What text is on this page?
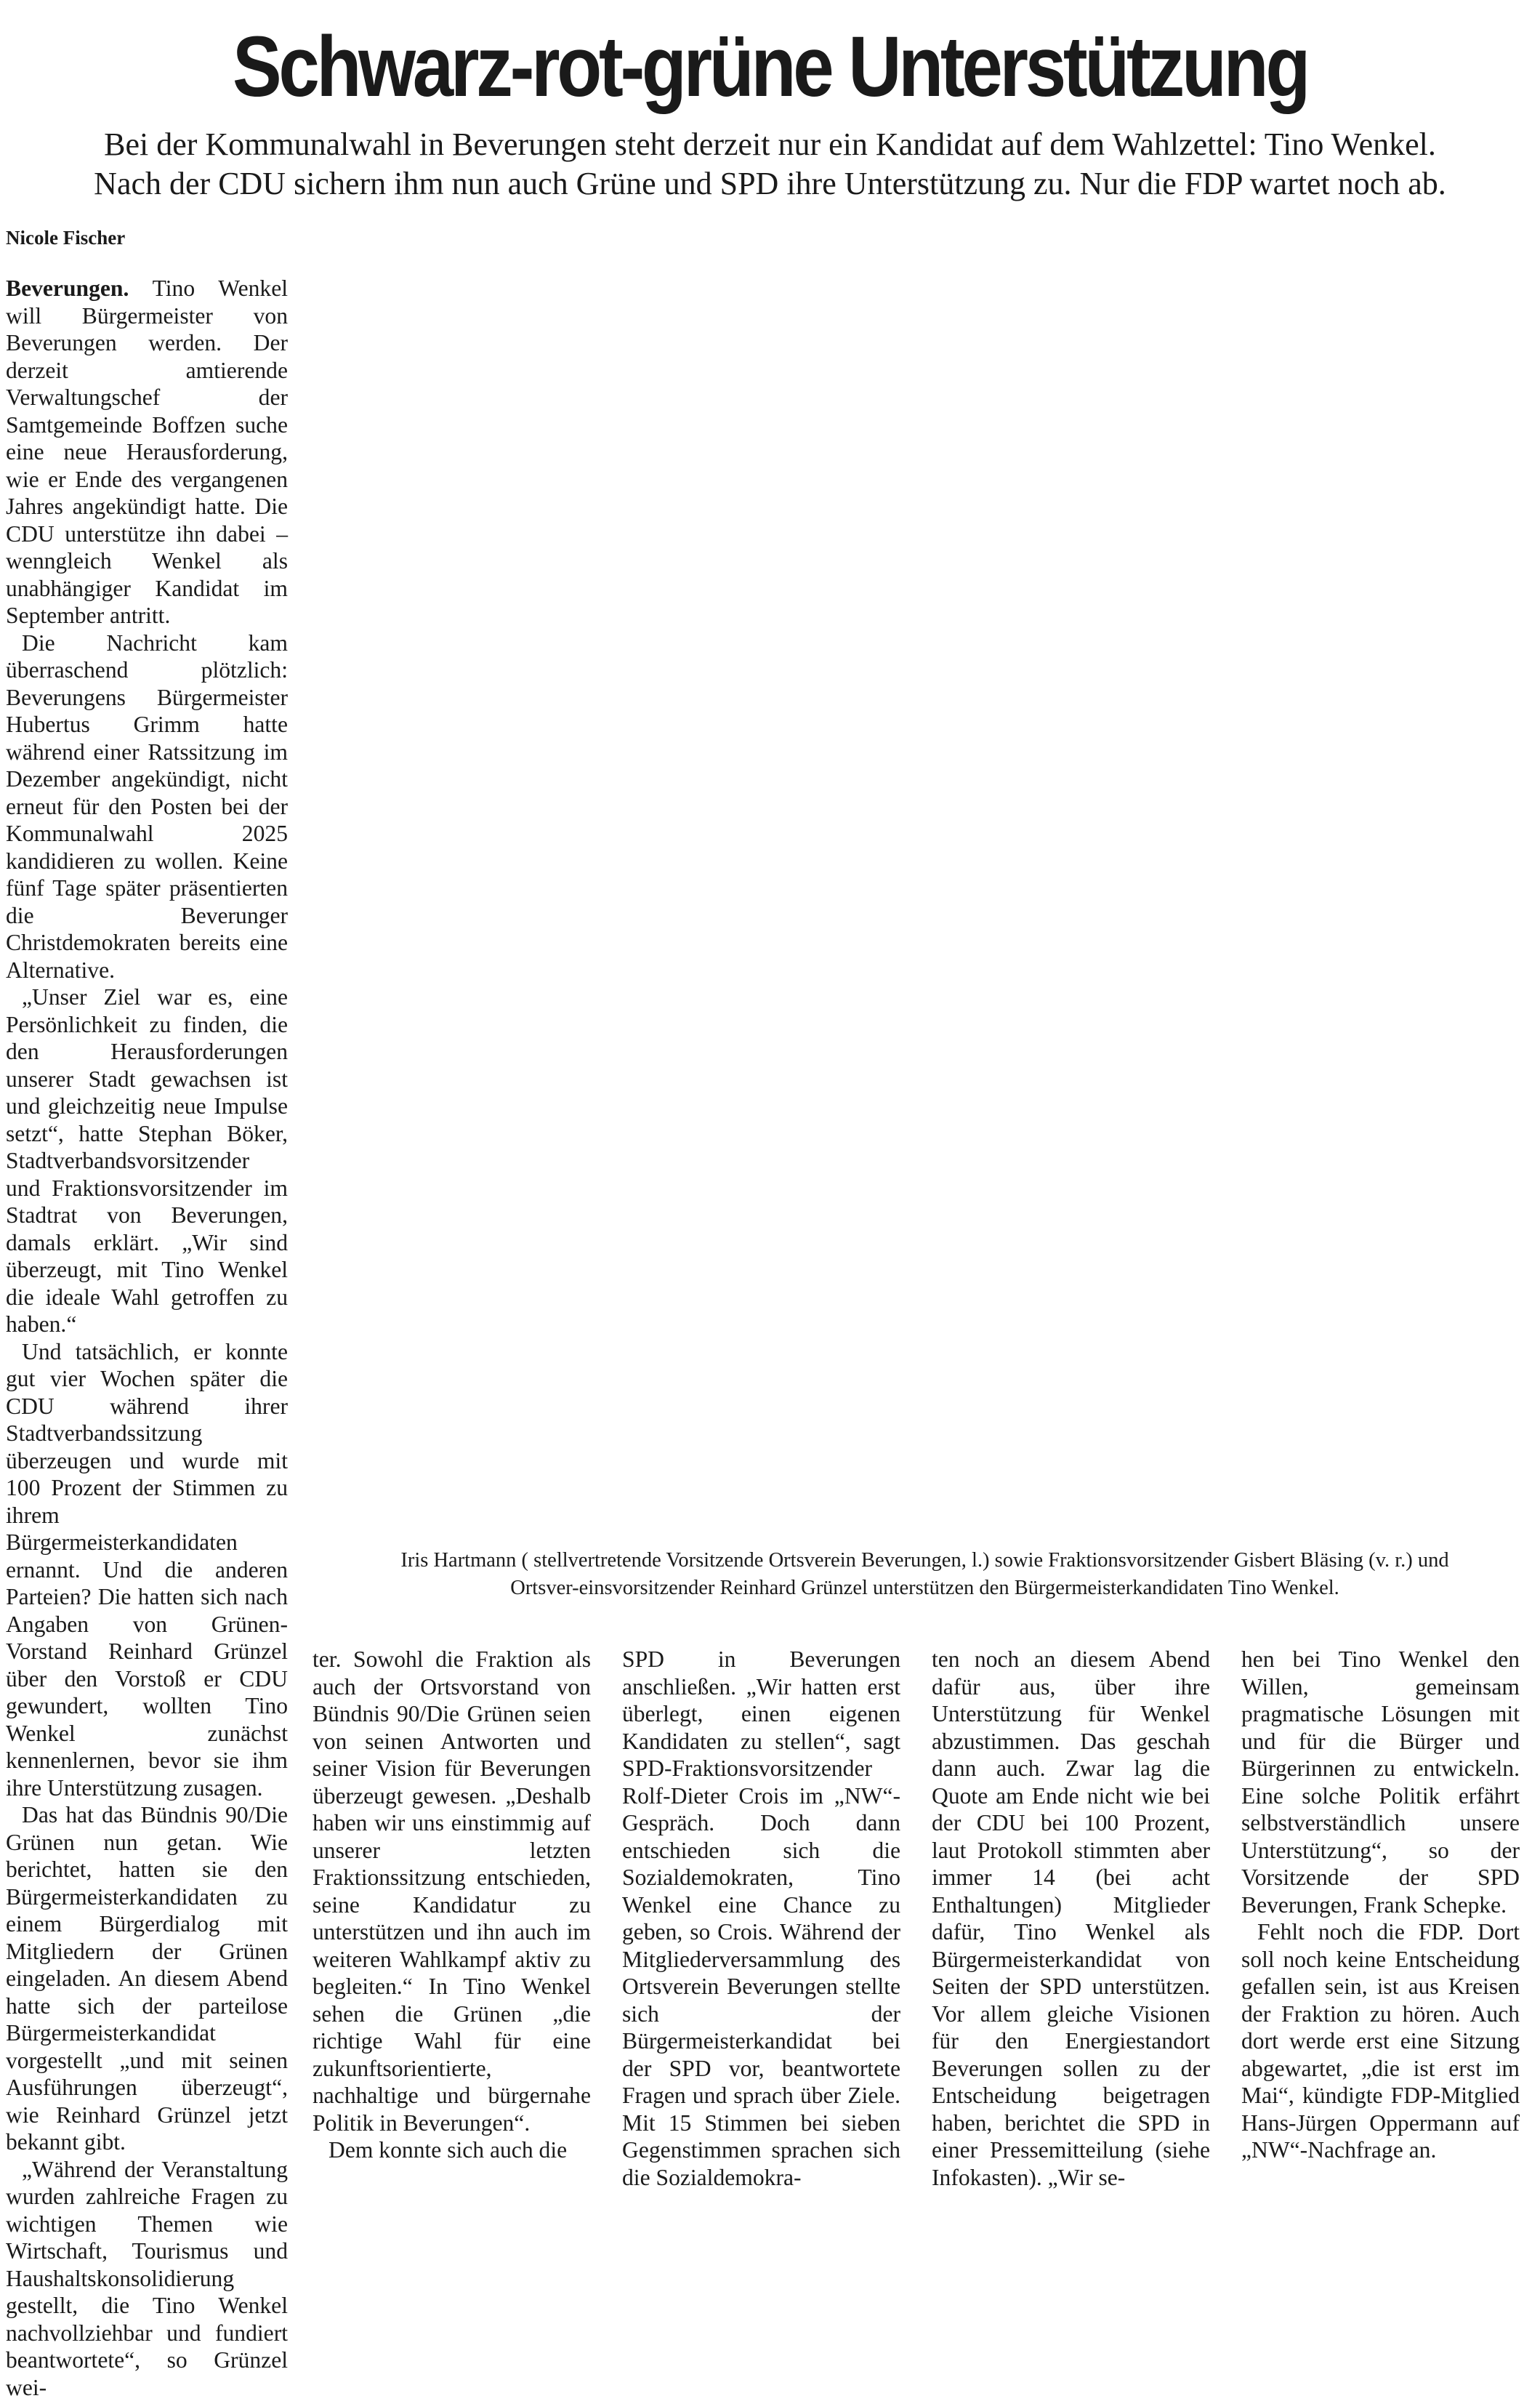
Schwarz-rot-grüne Unterstützung
Bei der Kommunalwahl in Beverungen steht derzeit nur ein Kandidat auf dem Wahlzettel: Tino Wenkel.
Nach der CDU sichern ihm nun auch Grüne und SPD ihre Unterstützung zu. Nur die FDP wartet noch ab.
Nicole Fischer

Beverungen. Tino Wenkel will Bürgermeister von Beverungen werden. Der derzeit amtierende Verwaltungschef der Samtgemeinde Boffzen suche eine neue Herausforderung, wie er Ende des vergangenen Jahres angekündigt hatte. Die CDU unterstütze ihn dabei – wenngleich Wenkel als unabhängiger Kandidat im September antritt.

Die Nachricht kam überraschend plötzlich: Beverungens Bürgermeister Hubertus Grimm hatte während einer Ratssitzung im Dezember angekündigt, nicht erneut für den Posten bei der Kommunalwahl 2025 kandidieren zu wollen. Keine fünf Tage später präsentierten die Beverunger Christdemokraten bereits eine Alternative.

„Unser Ziel war es, eine Persönlichkeit zu finden, die den Herausforderungen unserer Stadt gewachsen ist und gleichzeitig neue Impulse setzt“, hatte Stephan Böker, Stadtverbandsvorsitzender und Fraktionsvorsitzender im Stadtrat von Beverungen, damals erklärt. „Wir sind überzeugt, mit Tino Wenkel die ideale Wahl getroffen zu haben.“

Und tatsächlich, er konnte gut vier Wochen später die CDU während ihrer Stadtverbandssitzung überzeugen und wurde mit 100 Prozent der Stimmen zu ihrem Bürgermeisterkandidaten ernannt. Und die anderen Parteien? Die hatten sich nach Angaben von Grünen-Vorstand Reinhard Grünzel über den Vorstoß er CDU gewundert, wollten Tino Wenkel zunächst kennenlernen, bevor sie ihm ihre Unterstützung zusagen.

Das hat das Bündnis 90/Die Grünen nun getan. Wie berichtet, hatten sie den Bürgermeisterkandidaten zu einem Bürgerdialog mit Mitgliedern der Grünen eingeladen. An diesem Abend hatte sich der parteilose Bürgermeisterkandidat vorgestellt „und mit seinen Ausführungen überzeugt“, wie Reinhard Grünzel jetzt bekannt gibt.

„Während der Veranstaltung wurden zahlreiche Fragen zu wichtigen Themen wie Wirtschaft, Tourismus und Haushaltskonsolidierung gestellt, die Tino Wenkel nachvollziehbar und fundiert beantwortete“, so Grünzel wei-

Iris Hartmann ( stellvertretende Vorsitzende Ortsverein Beverungen, l.) sowie Fraktionsvorsitzender Gisbert Bläsing (v. r.) und
Ortsver-einsvorsitzender Reinhard Grünzel unterstützen den Bürgermeisterkandidaten Tino Wenkel.

ter. Sowohl die Fraktion als auch der Ortsvorstand von Bündnis 90/Die Grünen seien von seinen Antworten und seiner Vision für Beverungen überzeugt gewesen. „Deshalb haben wir uns einstimmig auf unserer letzten Fraktionssitzung entschieden, seine Kandidatur zu unterstützen und ihn auch im weiteren Wahlkampf aktiv zu begleiten.“ In Tino Wenkel sehen die Grünen „die richtige Wahl für eine zukunftsorientierte, nachhaltige und bürgernahe Politik in Beverungen“.

Dem konnte sich auch die

SPD in Beverungen anschließen. „Wir hatten erst überlegt, einen eigenen Kandidaten zu stellen“, sagt SPD-Fraktionsvorsitzender Rolf-Dieter Crois im „NW“-Gespräch. Doch dann entschieden sich die Sozialdemokraten, Tino Wenkel eine Chance zu geben, so Crois. Während der Mitgliederversammlung des Ortsverein Beverungen stellte sich der Bürgermeisterkandidat bei der SPD vor, beantwortete Fragen und sprach über Ziele. Mit 15 Stimmen bei sieben Gegenstimmen sprachen sich die Sozialdemokra-

ten noch an diesem Abend dafür aus, über ihre Unterstützung für Wenkel abzustimmen. Das geschah dann auch. Zwar lag die Quote am Ende nicht wie bei der CDU bei 100 Prozent, laut Protokoll stimmten aber immer 14 (bei acht Enthaltungen) Mitglieder dafür, Tino Wenkel als Bürgermeisterkandidat von Seiten der SPD unterstützen. Vor allem gleiche Visionen für den Energiestandort Beverungen sollen zu der Entscheidung beigetragen haben, berichtet die SPD in einer Pressemitteilung (siehe Infokasten). „Wir se-

hen bei Tino Wenkel den Willen, gemeinsam pragmatische Lösungen mit und für die Bürger und Bürgerinnen zu entwickeln. Eine solche Politik erfährt selbstverständlich unsere Unterstützung“, so der Vorsitzende der SPD Beverungen, Frank Schepke.

Fehlt noch die FDP. Dort soll noch keine Entscheidung gefallen sein, ist aus Kreisen der Fraktion zu hören. Auch dort werde erst eine Sitzung abgewartet, „die ist erst im Mai“, kündigte FDP-Mitglied Hans-Jürgen Oppermann auf „NW“-Nachfrage an.
